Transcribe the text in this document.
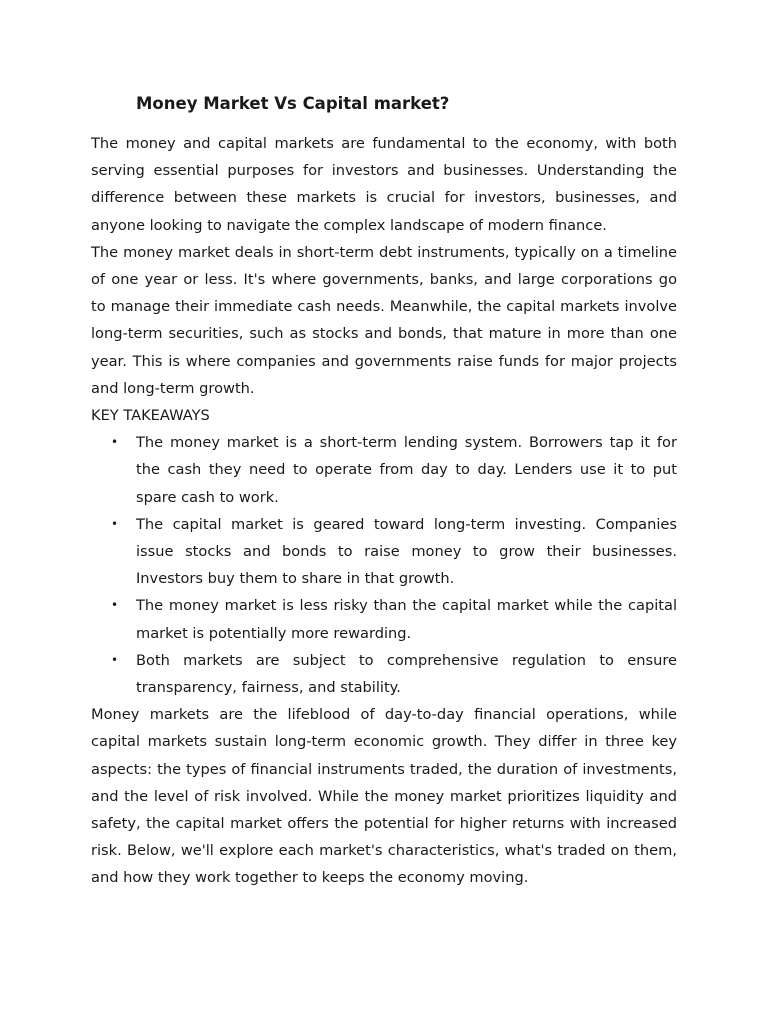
Money Market Vs Capital market?

The money and capital markets are fundamental to the economy, with both serving essential purposes for investors and businesses. Understanding the difference between these markets is crucial for investors, businesses, and anyone looking to navigate the complex landscape of modern finance.

The money market deals in short-term debt instruments, typically on a timeline of one year or less. It's where governments, banks, and large corporations go to manage their immediate cash needs. Meanwhile, the capital markets involve long-term securities, such as stocks and bonds, that mature in more than one year. This is where companies and governments raise funds for major projects and long-term growth.

KEY TAKEAWAYS
• The money market is a short-term lending system. Borrowers tap it for the cash they need to operate from day to day. Lenders use it to put spare cash to work.
• The capital market is geared toward long-term investing. Companies issue stocks and bonds to raise money to grow their businesses. Investors buy them to share in that growth.
• The money market is less risky than the capital market while the capital market is potentially more rewarding.
• Both markets are subject to comprehensive regulation to ensure transparency, fairness, and stability.

Money markets are the lifeblood of day-to-day financial operations, while capital markets sustain long-term economic growth. They differ in three key aspects: the types of financial instruments traded, the duration of investments, and the level of risk involved. While the money market prioritizes liquidity and safety, the capital market offers the potential for higher returns with increased risk. Below, we'll explore each market's characteristics, what's traded on them, and how they work together to keeps the economy moving.
